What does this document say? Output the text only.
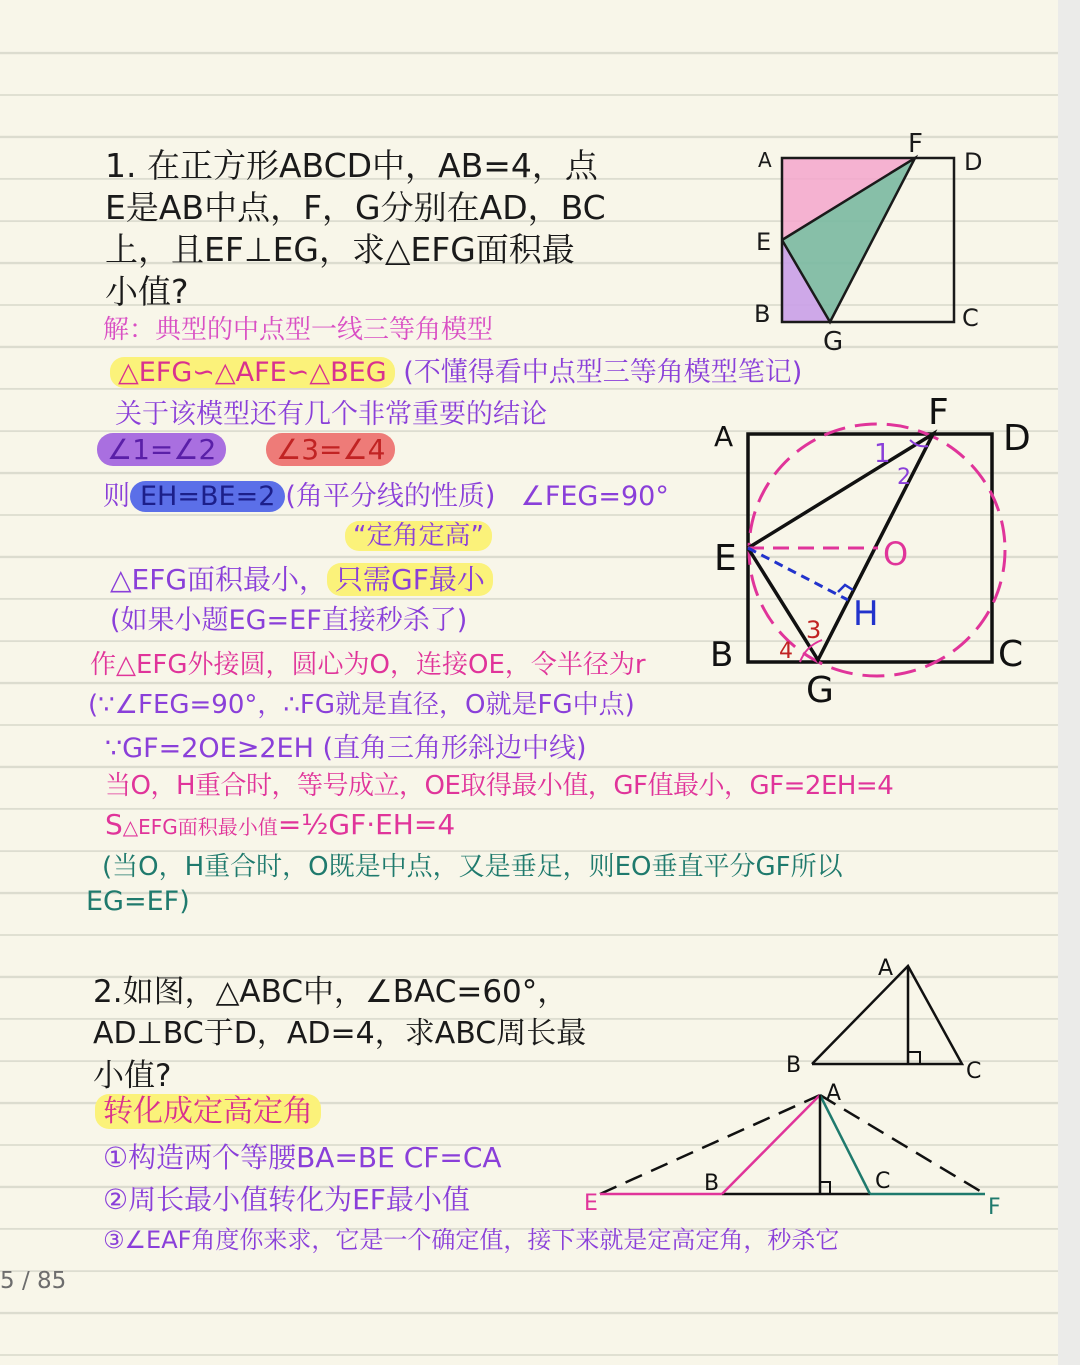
1. 在正方形ABCD中，AB=4，点
E是AB中点，F，G分别在AD，BC
上，且EF⊥EG，求△EFG面积最
小值?
解：典型的中点型一线三等角模型
△EFG∽△AFE∽△BEG (不懂得看中点型三等角模型笔记)
关于该模型还有几个非常重要的结论
∠1=∠2 ∠3=∠4
则 EH=BE=2 (角平分线的性质) ∠FEG=90°
“定角定高”
△EFG面积最小， 只需GF最小
(如果小题EG=EF直接秒杀了)
作△EFG外接圆，圆心为O，连接OE，令半径为r
(∵∠FEG=90°，∴FG就是直径，O就是FG中点)
∵GF=2OE≥2EH (直角三角形斜边中线)
当O，H重合时，等号成立，OE取得最小值，GF值最小，GF=2EH=4
S△EFG面积最小值=½GF·EH=4
(当O，H重合时，O既是中点，又是垂足，则EO垂直平分GF所以
EG=EF)
2.如图，△ABC中，∠BAC=60°，
AD⊥BC于D，AD=4，求ABC周长最
小值?
转化成定高定角
①构造两个等腰BA=BE CF=CA
②周长最小值转化为EF最小值
③∠EAF角度你来求，它是一个确定值，接下来就是定高定角，秒杀它
A
F
D
E
B	C
G
A
F
D
E	O
H
B	C
G
1
2
3
4
A
B	C
A
B	C
E	F
5 / 85
